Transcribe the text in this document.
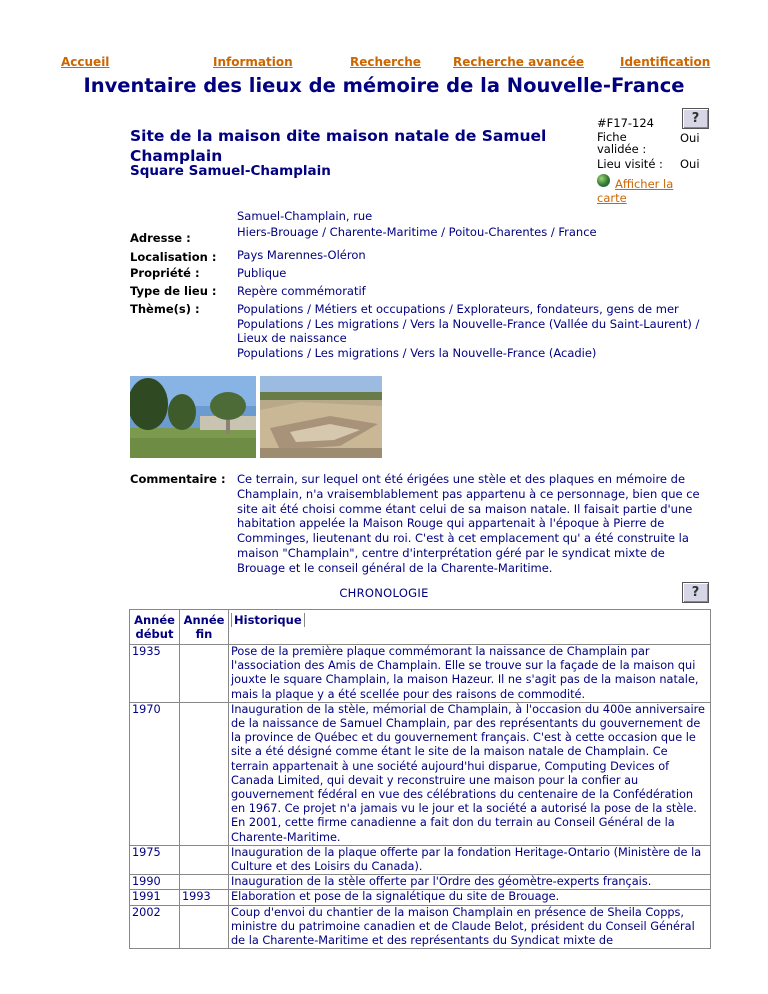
Accueil	Information	Recherche	Recherche avancée	Identification
Inventaire des lieux de mémoire de la Nouvelle-France
Site de la maison dite maison natale de Samuel Champlain
Square Samuel-Champlain
#F17-124	?
Fiche validée :
Oui
Lieu visité : Oui
Afficher la carte
Samuel-Champlain, rue
Adresse :	Hiers-Brouage / Charente-Maritime / Poitou-Charentes / France
Localisation : Pays Marennes-Oléron
Propriété :	Publique
Type de lieu : Repère commémoratif
Thème(s) :	Populations / Métiers et occupations / Explorateurs, fondateurs, gens de mer
Populations / Les migrations / Vers la Nouvelle-France (Vallée du Saint-Laurent) / Lieux de naissance
Populations / Les migrations / Vers la Nouvelle-France (Acadie)
Commentaire : Ce terrain, sur lequel ont été érigées une stèle et des plaques en mémoire de Champlain, n'a vraisemblablement pas appartenu à ce personnage, bien que ce site ait été choisi comme étant celui de sa maison natale. Il faisait partie d'une habitation appelée la Maison Rouge qui appartenait à l'époque à Pierre de Comminges, lieutenant du roi. C'est à cet emplacement qu' a été construite la maison "Champlain", centre d'interprétation géré par le syndicat mixte de Brouage et le conseil général de la Charente-Maritime.
CHRONOLOGIE	?
Année début	Année fin	Historique
1935		Pose de la première plaque commémorant la naissance de Champlain par l'association des Amis de Champlain. Elle se trouve sur la façade de la maison qui jouxte le square Champlain, la maison Hazeur. Il ne s'agit pas de la maison natale, mais la plaque y a été scellée pour des raisons de commodité.
1970		Inauguration de la stèle, mémorial de Champlain, à l'occasion du 400e anniversaire de la naissance de Samuel Champlain, par des représentants du gouvernement de la province de Québec et du gouvernement français. C'est à cette occasion que le site a été désigné comme étant le site de la maison natale de Champlain. Ce terrain appartenait à une société aujourd'hui disparue, Computing Devices of Canada Limited, qui devait y reconstruire une maison pour la confier au gouvernement fédéral en vue des célébrations du centenaire de la Confédération en 1967. Ce projet n'a jamais vu le jour et la société a autorisé la pose de la stèle. En 2001, cette firme canadienne a fait don du terrain au Conseil Général de la Charente-Maritime.
1975		Inauguration de la plaque offerte par la fondation Heritage-Ontario (Ministère de la Culture et des Loisirs du Canada).
1990		Inauguration de la stèle offerte par l'Ordre des géomètre-experts français.
1991	1993	Elaboration et pose de la signalétique du site de Brouage.
2002		Coup d'envoi du chantier de la maison Champlain en présence de Sheila Copps, ministre du patrimoine canadien et de Claude Belot, président du Conseil Général de la Charente-Maritime et des représentants du Syndicat mixte de
